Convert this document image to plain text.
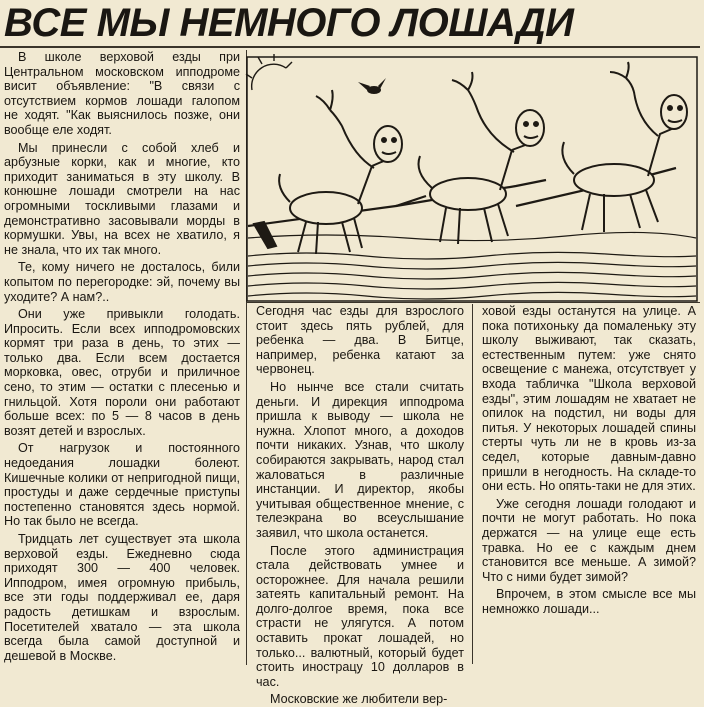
ВСЕ МЫ НЕМНОГО ЛОШАДИ

В школе верховой езды при Центральном московском ипподроме висит объявление: "В связи с отсутствием кормов лошади галопом не ходят. "Как выяснилось позже, они вообще еле ходят.

Мы принесли с собой хлеб и арбузные корки, как и многие, кто приходит заниматься в эту школу. В конюшне лошади смотрели на нас огромными тоскливыми глазами и демонстративно засовывали морды в кормушки. Увы, на всех не хватило, я не знала, что их так много.

Те, кому ничего не досталось, били копытом по перегородке: эй, почему вы уходите? А нам?..

Они уже привыкли голодать. Ипросить. Если всех ипподромовских кормят три раза в день, то этих — только два. Если всем достается морковка, овес, отруби и приличное сено, то этим — остатки с плесенью и гнильцой. Хотя пороли они работают больше всех: по 5 — 8 часов в день возят детей и взрослых.

От нагрузок и постоянного недоедания лошадки болеют. Кишечные колики от непригодной пищи, простуды и даже сердечные приступы постепенно становятся здесь нормой. Но так было не всегда.

Тридцать лет существует эта школа верховой езды. Ежедневно сюда приходят 300 — 400 человек. Ипподром, имея огромную прибыль, все эти годы поддерживал ее, даря радость детишкам и взрослым. Посетителей хватало — эта школа всегда была самой доступной и дешевой в Москве.

Сегодня час езды для взрослого стоит здесь пять рублей, для ребенка — два. В Битце, например, ребенка катают за червонец.

Но нынче все стали считать деньги. И дирекция ипподрома пришла к выводу — школа не нужна. Хлопот много, а доходов почти никаких. Узнав, что школу собираются закрывать, народ стал жаловаться в различные инстанции. И директор, якобы учитывая общественное мнение, с телеэкрана во всеуслышание заявил, что школа останется.

После этого администрация стала действовать умнее и осторожнее. Для начала решили затеять капитальный ремонт. На долго-долгое время, пока все страсти не улягутся. А потом оставить прокат лошадей, но только... валютный, который будет стоить инострацу 10 долларов в час.

Московские же любители вер-

ховой езды останутся на улице. А пока потихоньку да помаленьку эту школу выживают, так сказать, естественным путем: уже снято освещение с манежа, отсутствует у входа табличка "Школа верховой езды", этим лошадям не хватает не опилок на подстил, ни воды для питья. У некоторых лошадей спины стерты чуть ли не в кровь из-за седел, которые давным-давно пришли в негодность. На складе-то они есть. Но опять-таки не для этих.

Уже сегодня лошади голодают и почти не могут работать. Но пока держатся — на улице еще есть травка. Но ее с каждым днем становится все меньше. А зимой? Что с ними будет зимой?

Впрочем, в этом смысле все мы немножко лошади...
